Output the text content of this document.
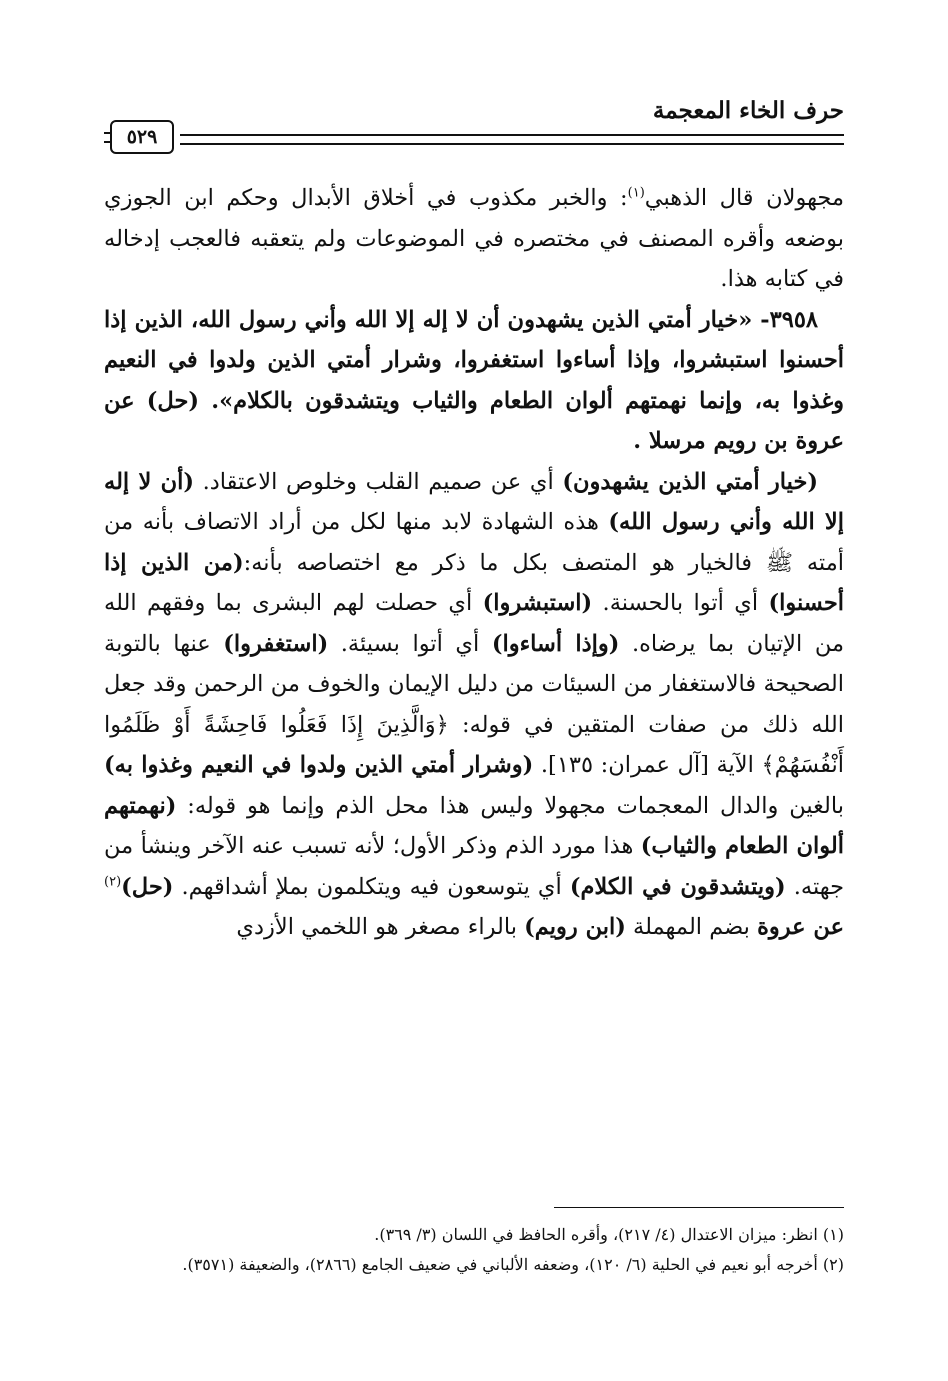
حرف الخاء المعجمة
٥٢٩

مجهولان قال الذهبي$^{(١)}$: والخبر مكذوب في أخلاق الأبدال وحكم ابن الجوزي بوضعه وأقره المصنف في مختصره في الموضوعات ولم يتعقبه فالعجب إدخاله في كتابه هذا.

٣٩٥٨- «خيار أمتي الذين يشهدون أن لا إله إلا الله وأني رسول الله، الذين إذا أحسنوا استبشروا، وإذا أساءوا استغفروا، وشرار أمتي الذين ولدوا في النعيم وغذوا به، وإنما نهمتهم ألوان الطعام والثياب ويتشدقون بالكلام». (حل) عن عروة بن رويم مرسلا .

(خيار أمتي الذين يشهدون) أي عن صميم القلب وخلوص الاعتقاد. (أن لا إله إلا الله وأني رسول الله) هذه الشهادة لابد منها لكل من أراد الاتصاف بأنه من أمته ﷺ فالخيار هو المتصف بكل ما ذكر مع اختصاصه بأنه:(من الذين إذا أحسنوا) أي أتوا بالحسنة. (استبشروا) أي حصلت لهم البشرى بما وفقهم الله من الإتيان بما يرضاه. (وإذا أساءوا) أي أتوا بسيئة. (استغفروا) عنها بالتوبة الصحيحة فالاستغفار من السيئات من دليل الإيمان والخوف من الرحمن وقد جعل الله ذلك من صفات المتقين في قوله: ﴿وَالَّذِينَ إِذَا فَعَلُوا فَاحِشَةً أَوْ ظَلَمُوا أَنْفُسَهُمْ﴾ الآية [آل عمران: ١٣٥]. (وشرار أمتي الذين ولدوا في النعيم وغذوا به) بالغين والدال المعجمات مجهولا وليس هذا محل الذم وإنما هو قوله: (نهمتهم ألوان الطعام والثياب) هذا مورد الذم وذكر الأول؛ لأنه تسبب عنه الآخر وينشأ من جهته. (ويتشدقون في الكلام) أي يتوسعون فيه ويتكلمون بملإ أشداقهم. (حل)$^{(٢)}$ عن عروة بضم المهملة (ابن رويم) بالراء مصغر هو اللخمي الأزدي

(١) انظر: ميزان الاعتدال (٤/ ٢١٧)، وأقره الحافظ في اللسان (٣/ ٣٦٩).

(٢) أخرجه أبو نعيم في الحلية (٦/ ١٢٠)، وضعفه الألباني في ضعيف الجامع (٢٨٦٦)، والضعيفة (٣٥٧١).
